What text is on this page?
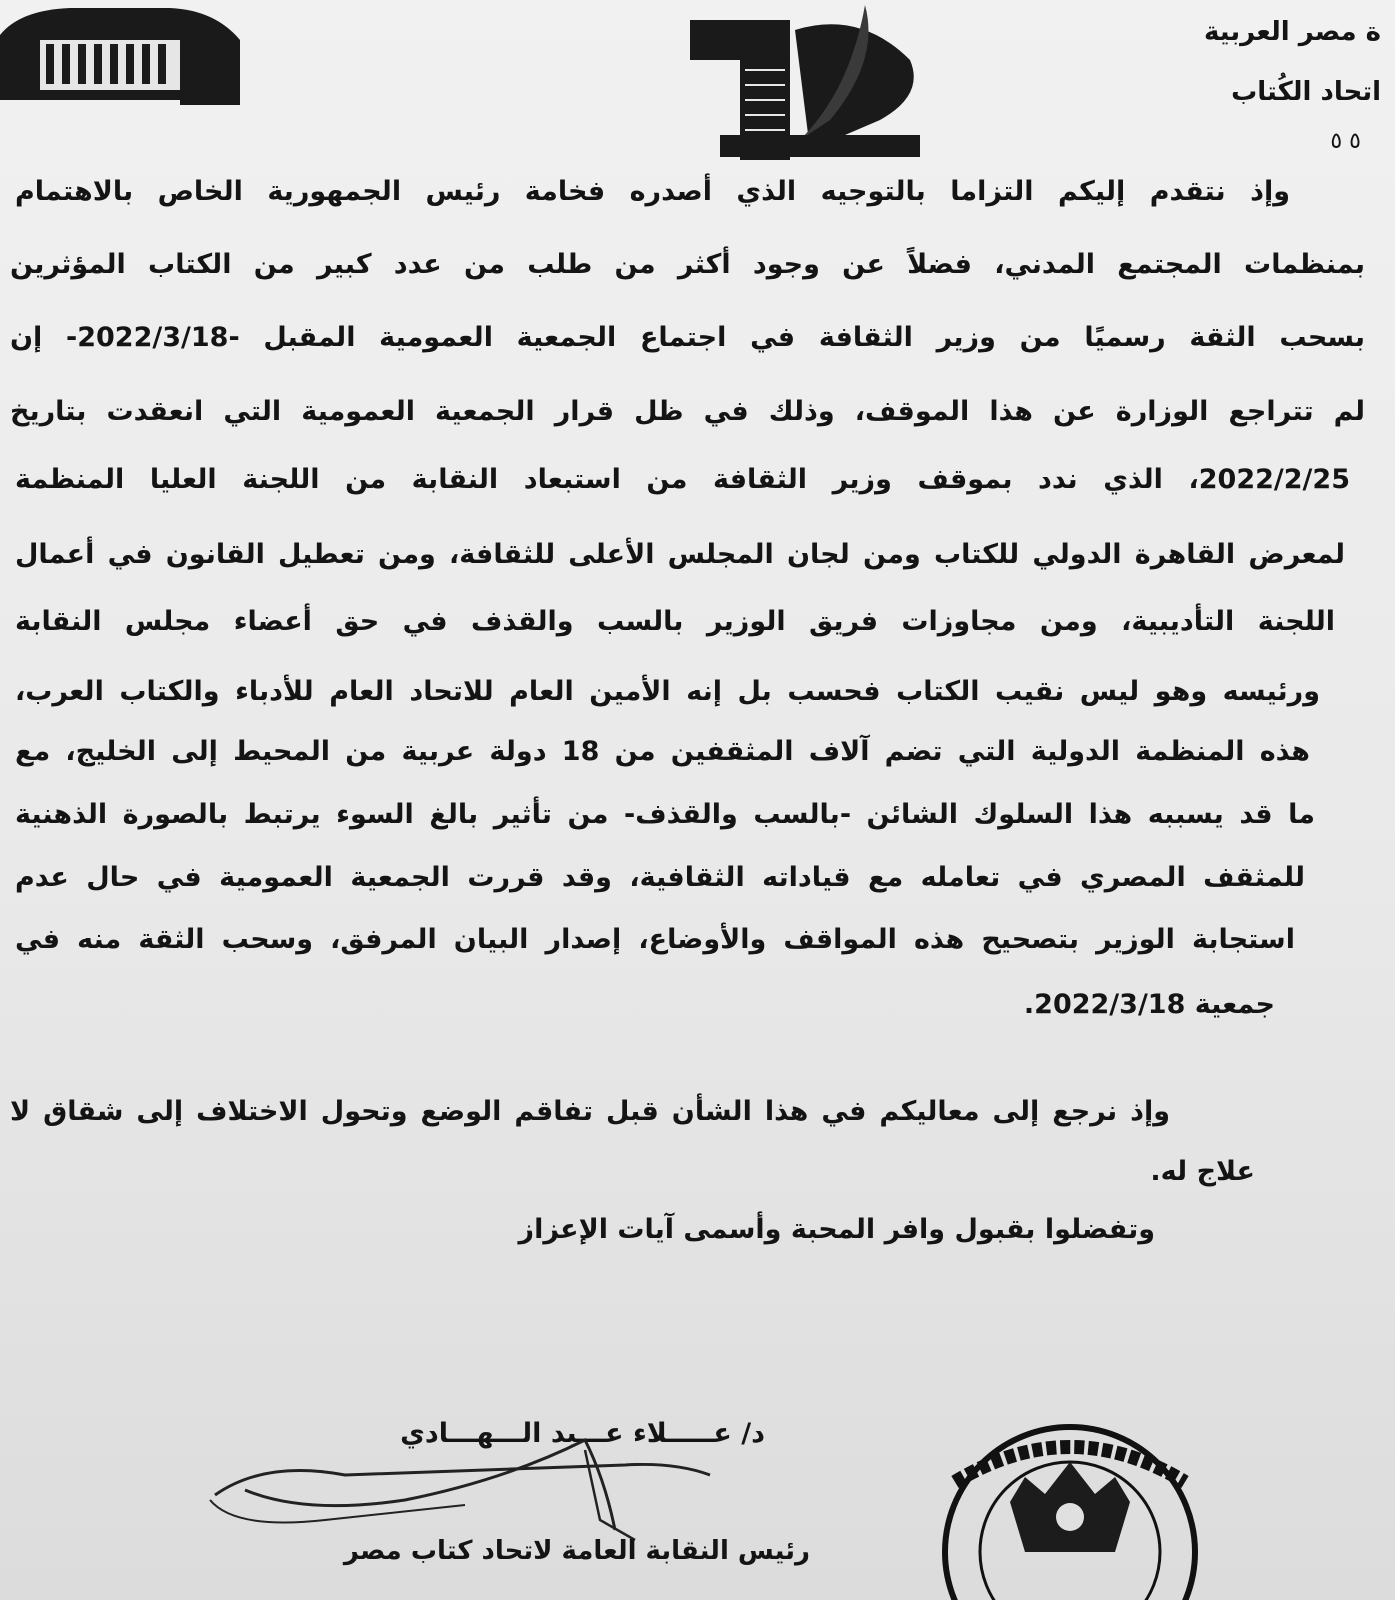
ة مصر العربية
اتحاد الكُتاب
٥ ٥
وإذ نتقدم إليكم التزاما بالتوجيه الذي أصدره فخامة رئيس الجمهورية الخاص بالاهتمام
بمنظمات المجتمع المدني، فضلاً عن وجود أكثر من طلب من عدد كبير من الكتاب المؤثرين
بسحب الثقة رسميًا من وزير الثقافة في اجتماع الجمعية العمومية المقبل -2022/3/18- إن
لم تتراجع الوزارة عن هذا الموقف، وذلك في ظل قرار الجمعية العمومية التي انعقدت بتاريخ
2022/2/25، الذي ندد بموقف وزير الثقافة من استبعاد النقابة من اللجنة العليا المنظمة
لمعرض القاهرة الدولي للكتاب ومن لجان المجلس الأعلى للثقافة، ومن تعطيل القانون في أعمال
اللجنة التأديبية، ومن مجاوزات فريق الوزير بالسب والقذف في حق أعضاء مجلس النقابة
ورئيسه وهو ليس نقيب الكتاب فحسب بل إنه الأمين العام للاتحاد العام للأدباء والكتاب العرب،
هذه المنظمة الدولية التي تضم آلاف المثقفين من 18 دولة عربية من المحيط إلى الخليج، مع
ما قد يسببه هذا السلوك الشائن -بالسب والقذف- من تأثير بالغ السوء يرتبط بالصورة الذهنية
للمثقف المصري في تعامله مع قياداته الثقافية، وقد قررت الجمعية العمومية في حال عدم
استجابة الوزير بتصحيح هذه المواقف والأوضاع، إصدار البيان المرفق، وسحب الثقة منه في
جمعية 2022/3/18.
وإذ نرجع إلى معاليكم في هذا الشأن قبل تفاقم الوضع وتحول الاختلاف إلى شقاق لا
علاج له.
وتفضلوا بقبول وافر المحبة وأسمى آيات الإعزاز
د/ عـــــلاء عـــبد الـــهـــادي
رئيس النقابة العامة لاتحاد كتاب مصر
